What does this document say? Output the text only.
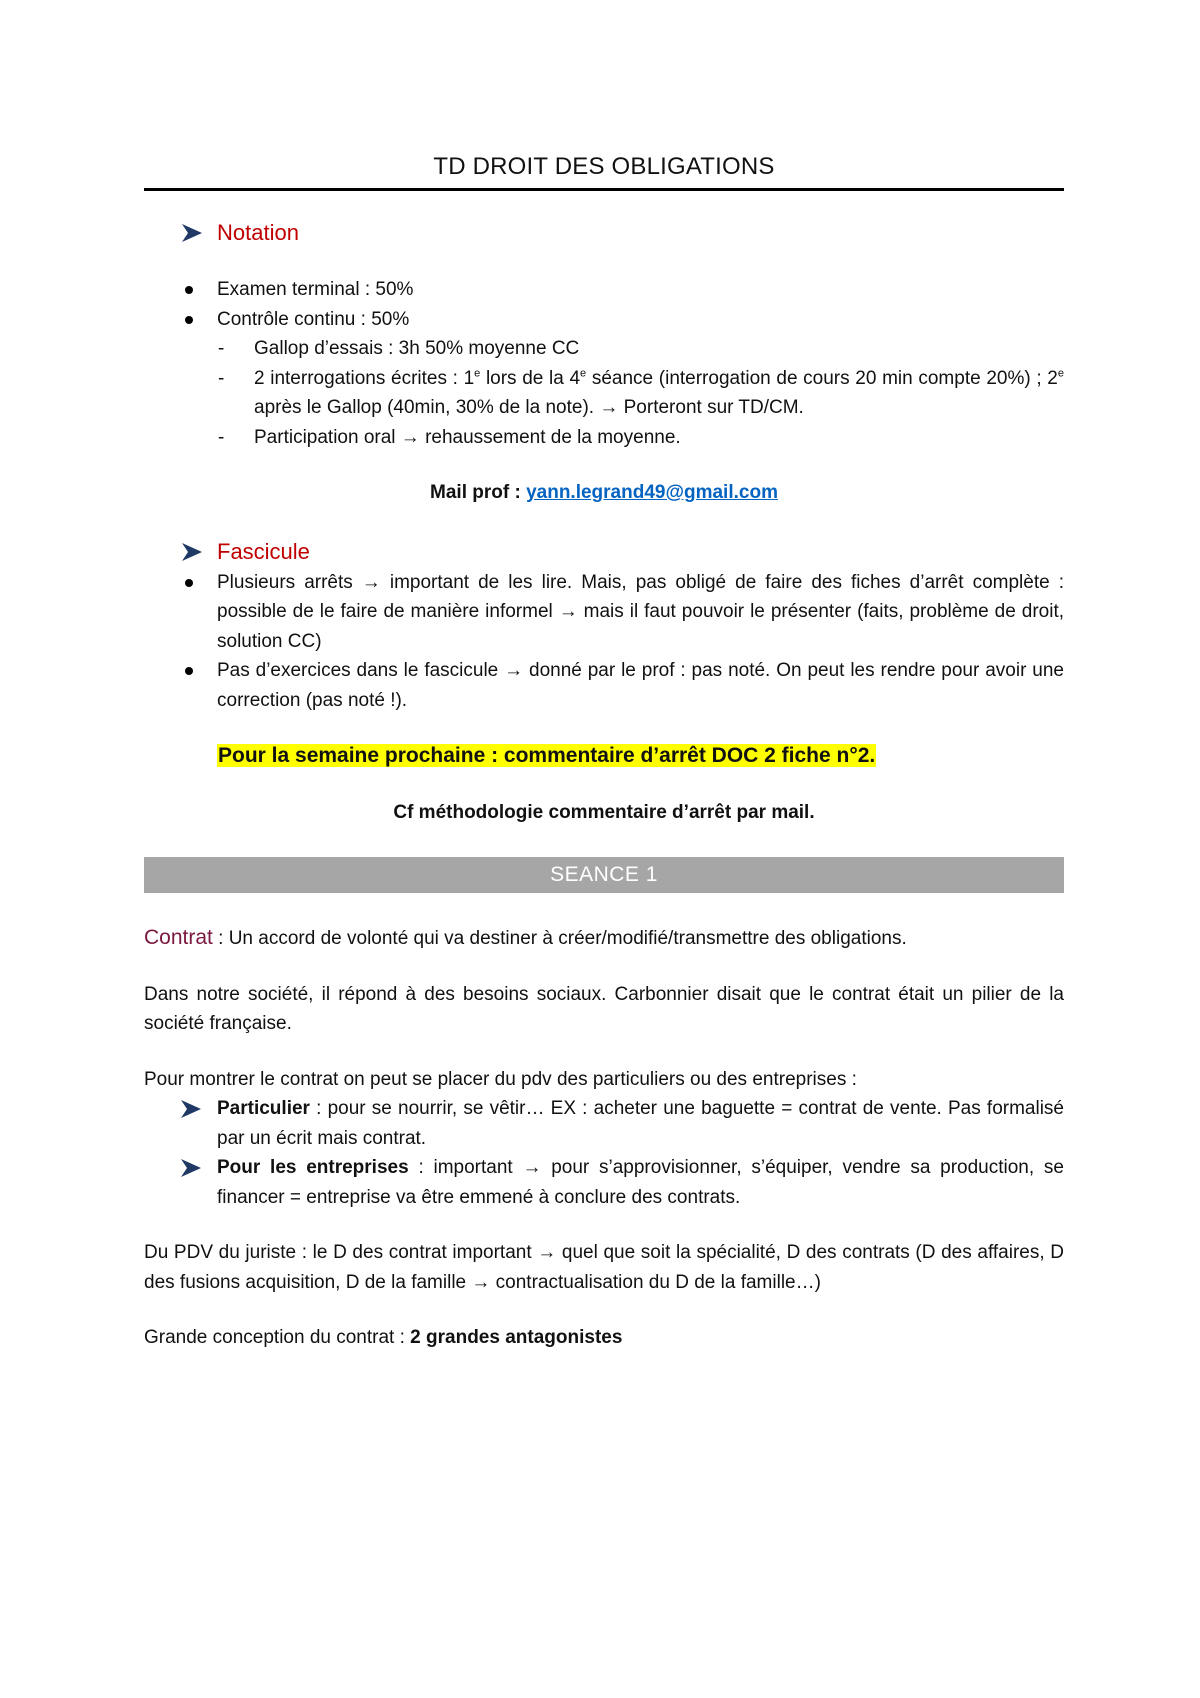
TD DROIT DES OBLIGATIONS
Notation
Examen terminal : 50%
Contrôle continu : 50%
- Gallop d’essais : 3h 50% moyenne CC
- 2 interrogations écrites : 1e lors de la 4e séance (interrogation de cours 20 min compte 20%) ; 2e après le Gallop (40min, 30% de la note). → Porteront sur TD/CM.
- Participation oral → rehaussement de la moyenne.
Mail prof : yann.legrand49@gmail.com
Fascicule
Plusieurs arrêts → important de les lire. Mais, pas obligé de faire des fiches d’arrêt complète : possible de le faire de manière informel → mais il faut pouvoir le présenter (faits, problème de droit, solution CC)
Pas d’exercices dans le fascicule → donné par le prof : pas noté. On peut les rendre pour avoir une correction (pas noté !).
Pour la semaine prochaine : commentaire d’arrêt DOC 2 fiche n°2.
Cf méthodologie commentaire d’arrêt par mail.
SEANCE 1

Contrat : Un accord de volonté qui va destiner à créer/modifié/transmettre des obligations.

Dans notre société, il répond à des besoins sociaux. Carbonnier disait que le contrat était un pilier de la société française.

Pour montrer le contrat on peut se placer du pdv des particuliers ou des entreprises :

Particulier : pour se nourrir, se vêtir… EX : acheter une baguette = contrat de vente. Pas formalisé par un écrit mais contrat.
Pour les entreprises : important → pour s’approvisionner, s’équiper, vendre sa production, se financer = entreprise va être emmené à conclure des contrats.

Du PDV du juriste : le D des contrat important → quel que soit la spécialité, D des contrats (D des affaires, D des fusions acquisition, D de la famille → contractualisation du D de la famille…)

Grande conception du contrat : 2 grandes antagonistes
